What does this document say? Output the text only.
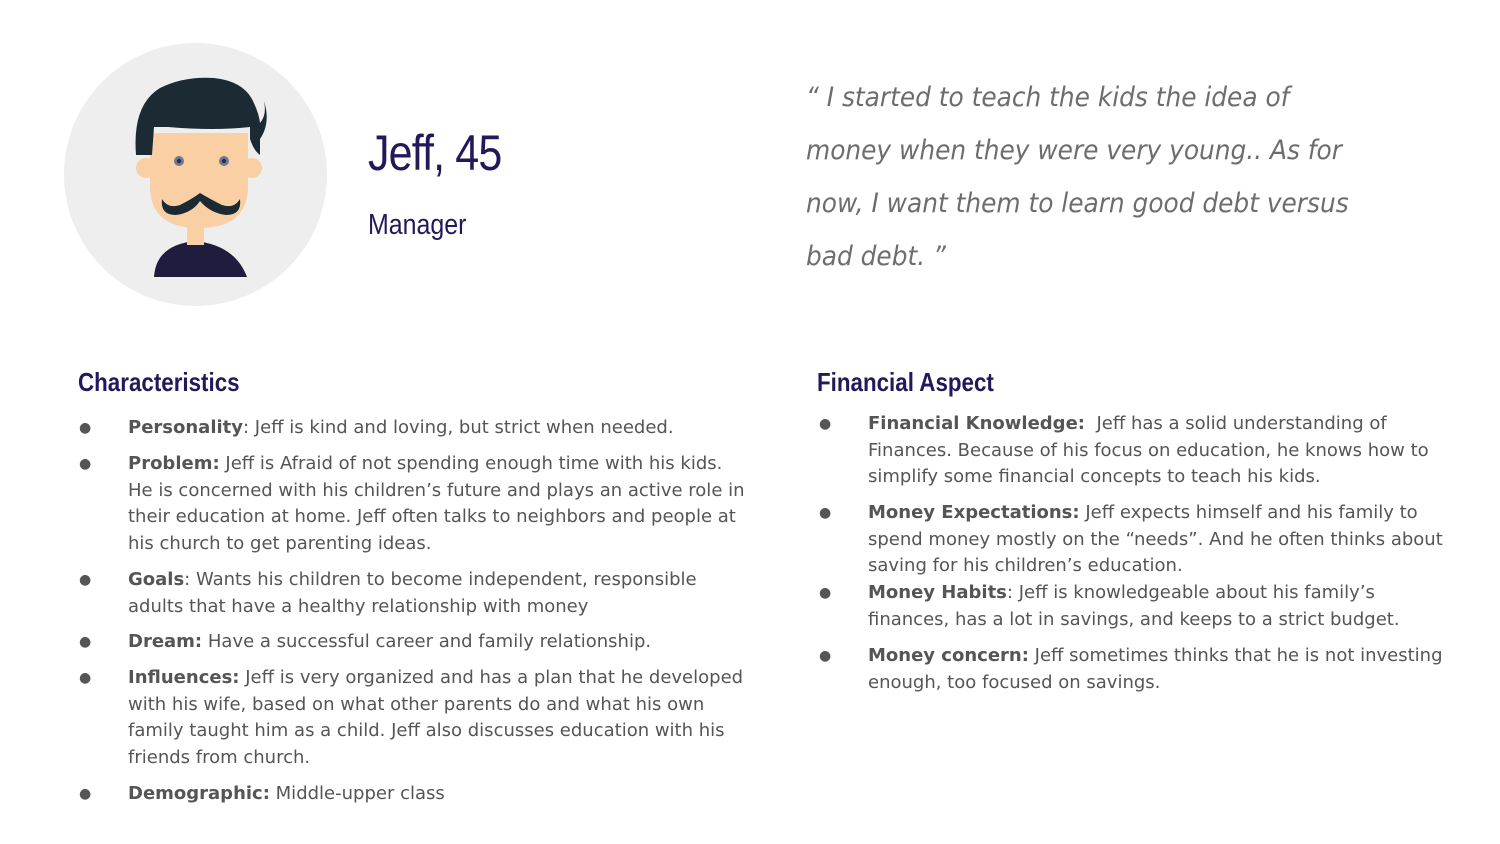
Jeff, 45
Manager
“ I started to teach the kids the idea of money when they were very young.. As for now, I want them to learn good debt versus bad debt. ”
Characteristics
● Personality: Jeff is kind and loving, but strict when needed.
● Problem: Jeff is Afraid of not spending enough time with his kids. He is concerned with his children’s future and plays an active role in their education at home. Jeff often talks to neighbors and people at his church to get parenting ideas.
● Goals: Wants his children to become independent, responsible adults that have a healthy relationship with money
● Dream: Have a successful career and family relationship.
● Influences: Jeff is very organized and has a plan that he developed with his wife, based on what other parents do and what his own family taught him as a child. Jeff also discusses education with his friends from church.
● Demographic: Middle-upper class
Financial Aspect
● Financial Knowledge: Jeff has a solid understanding of Finances. Because of his focus on education, he knows how to simplify some financial concepts to teach his kids.
● Money Expectations: Jeff expects himself and his family to spend money mostly on the “needs”. And he often thinks about saving for his children’s education.
● Money Habits: Jeff is knowledgeable about his family’s finances, has a lot in savings, and keeps to a strict budget.
● Money concern: Jeff sometimes thinks that he is not investing enough, too focused on savings.
